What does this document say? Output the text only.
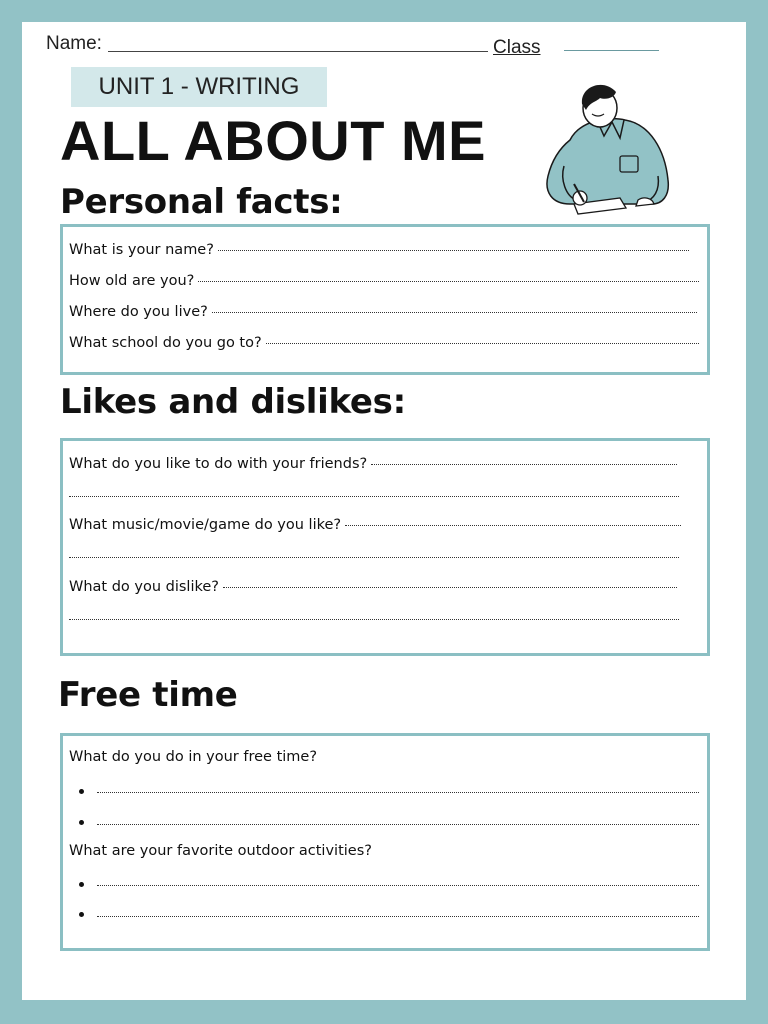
Name:	Class
UNIT 1 - WRITING
ALL ABOUT ME
Personal facts:
What is your name?
How old are you?
Where do you live?
What school do you go to?
Likes and dislikes:
What do you like to do with your friends?
What music/movie/game do you like?
What do you dislike?
Free time
What do you do in your free time?
What are your favorite outdoor activities?
